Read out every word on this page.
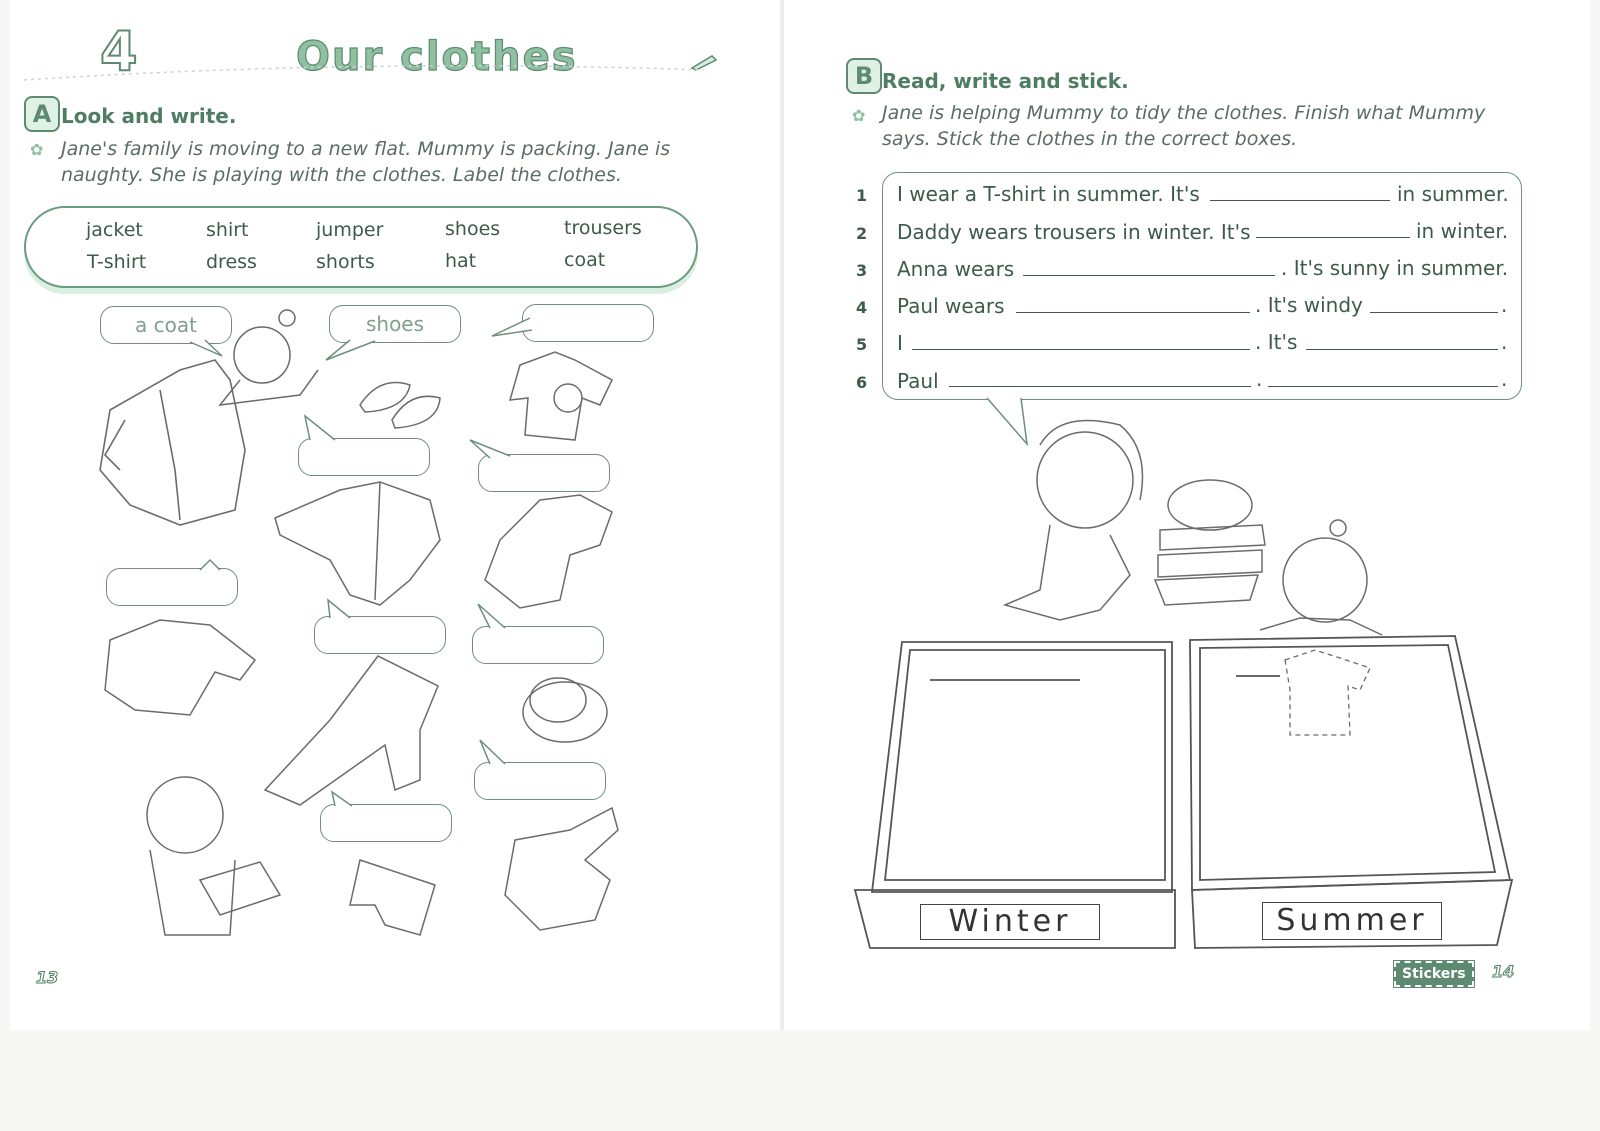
4	Our clothes
A Look and write.
✿ Jane's family is moving to a new flat. Mummy is packing. Jane is naughty. She is playing with the clothes. Label the clothes.
jacket	shirt	jumper	shoes	trousers
T-shirt	dress	shorts	hat	coat
a coat	shoes
13
B Read, write and stick.
✿ Jane is helping Mummy to tidy the clothes. Finish what Mummy says. Stick the clothes in the correct boxes.
1 I wear a T-shirt in summer. It's	in summer.
2 Daddy wears trousers in winter. It's	in winter.
3 Anna wears	. It's sunny in summer.
4 Paul wears	. It's windy	.
5 I	. It's	.
6 Paul	.	.
Winter	Summer
Stickers	14
